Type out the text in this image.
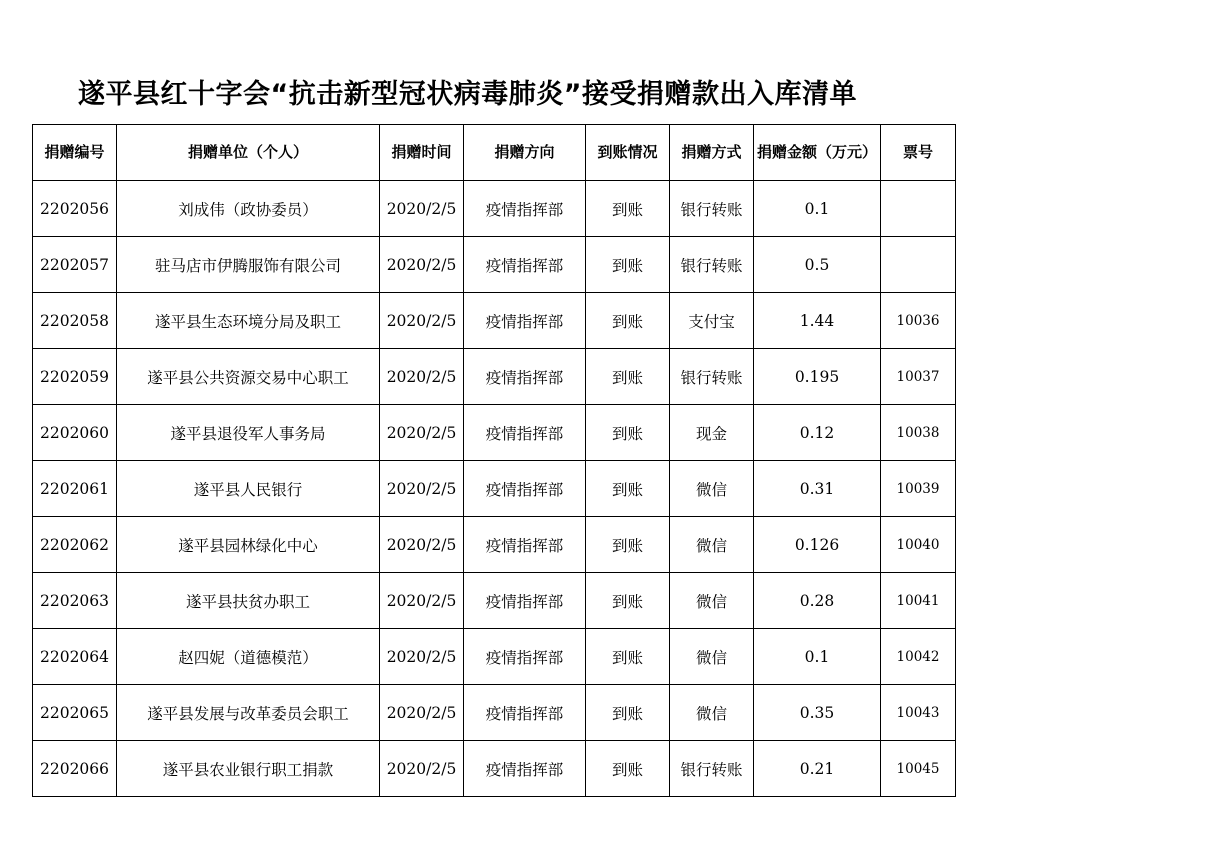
遂平县红十字会“抗击新型冠状病毒肺炎”接受捐赠款出入库清单
捐赠编号	捐赠单位（个人）	捐赠时间	捐赠方向	到账情况	捐赠方式	捐赠金额（万元）	票号
2202056	刘成伟（政协委员）	2020/2/5	疫情指挥部	到账	银行转账	0.1	
2202057	驻马店市伊腾服饰有限公司	2020/2/5	疫情指挥部	到账	银行转账	0.5	
2202058	遂平县生态环境分局及职工	2020/2/5	疫情指挥部	到账	支付宝	1.44	10036
2202059	遂平县公共资源交易中心职工	2020/2/5	疫情指挥部	到账	银行转账	0.195	10037
2202060	遂平县退役军人事务局	2020/2/5	疫情指挥部	到账	现金	0.12	10038
2202061	遂平县人民银行	2020/2/5	疫情指挥部	到账	微信	0.31	10039
2202062	遂平县园林绿化中心	2020/2/5	疫情指挥部	到账	微信	0.126	10040
2202063	遂平县扶贫办职工	2020/2/5	疫情指挥部	到账	微信	0.28	10041
2202064	赵四妮（道德模范）	2020/2/5	疫情指挥部	到账	微信	0.1	10042
2202065	遂平县发展与改革委员会职工	2020/2/5	疫情指挥部	到账	微信	0.35	10043
2202066	遂平县农业银行职工捐款	2020/2/5	疫情指挥部	到账	银行转账	0.21	10045
